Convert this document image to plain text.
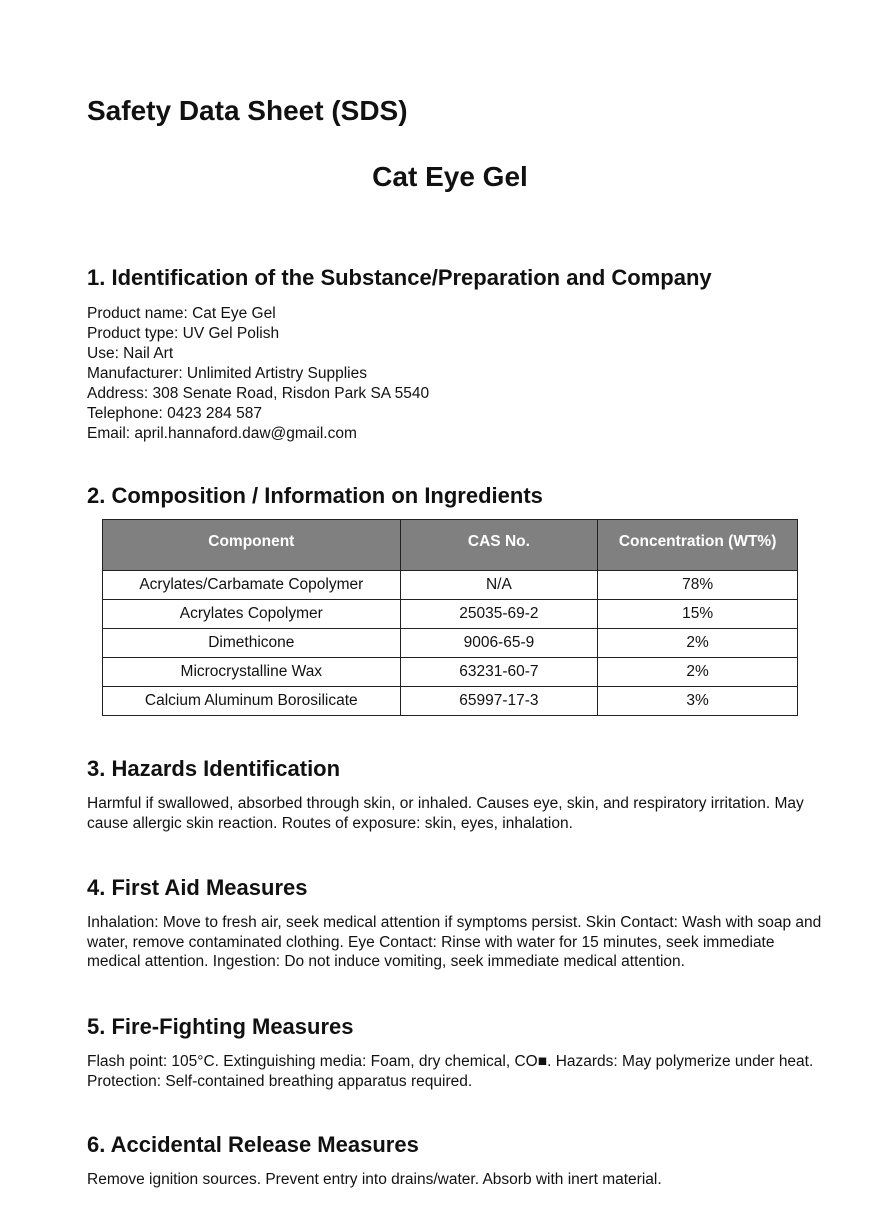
Safety Data Sheet (SDS)
Cat Eye Gel
1. Identification of the Substance/Preparation and Company
Product name: Cat Eye Gel
Product type: UV Gel Polish
Use: Nail Art
Manufacturer: Unlimited Artistry Supplies
Address: 308 Senate Road, Risdon Park SA 5540
Telephone: 0423 284 587
Email: april.hannaford.daw@gmail.com
2. Composition / Information on Ingredients
Component	CAS No.	Concentration (WT%)
Acrylates/Carbamate Copolymer	N/A	78%
Acrylates Copolymer	25035-69-2	15%
Dimethicone	9006-65-9	2%
Microcrystalline Wax	63231-60-7	2%
Calcium Aluminum Borosilicate	65997-17-3	3%
3. Hazards Identification

Harmful if swallowed, absorbed through skin, or inhaled. Causes eye, skin, and respiratory irritation. May cause allergic skin reaction. Routes of exposure: skin, eyes, inhalation.

4. First Aid Measures

Inhalation: Move to fresh air, seek medical attention if symptoms persist. Skin Contact: Wash with soap and water, remove contaminated clothing. Eye Contact: Rinse with water for 15 minutes, seek immediate medical attention. Ingestion: Do not induce vomiting, seek immediate medical attention.

5. Fire-Fighting Measures

Flash point: 105°C. Extinguishing media: Foam, dry chemical, CO■. Hazards: May polymerize under heat. Protection: Self-contained breathing apparatus required.

6. Accidental Release Measures

Remove ignition sources. Prevent entry into drains/water. Absorb with inert material.
